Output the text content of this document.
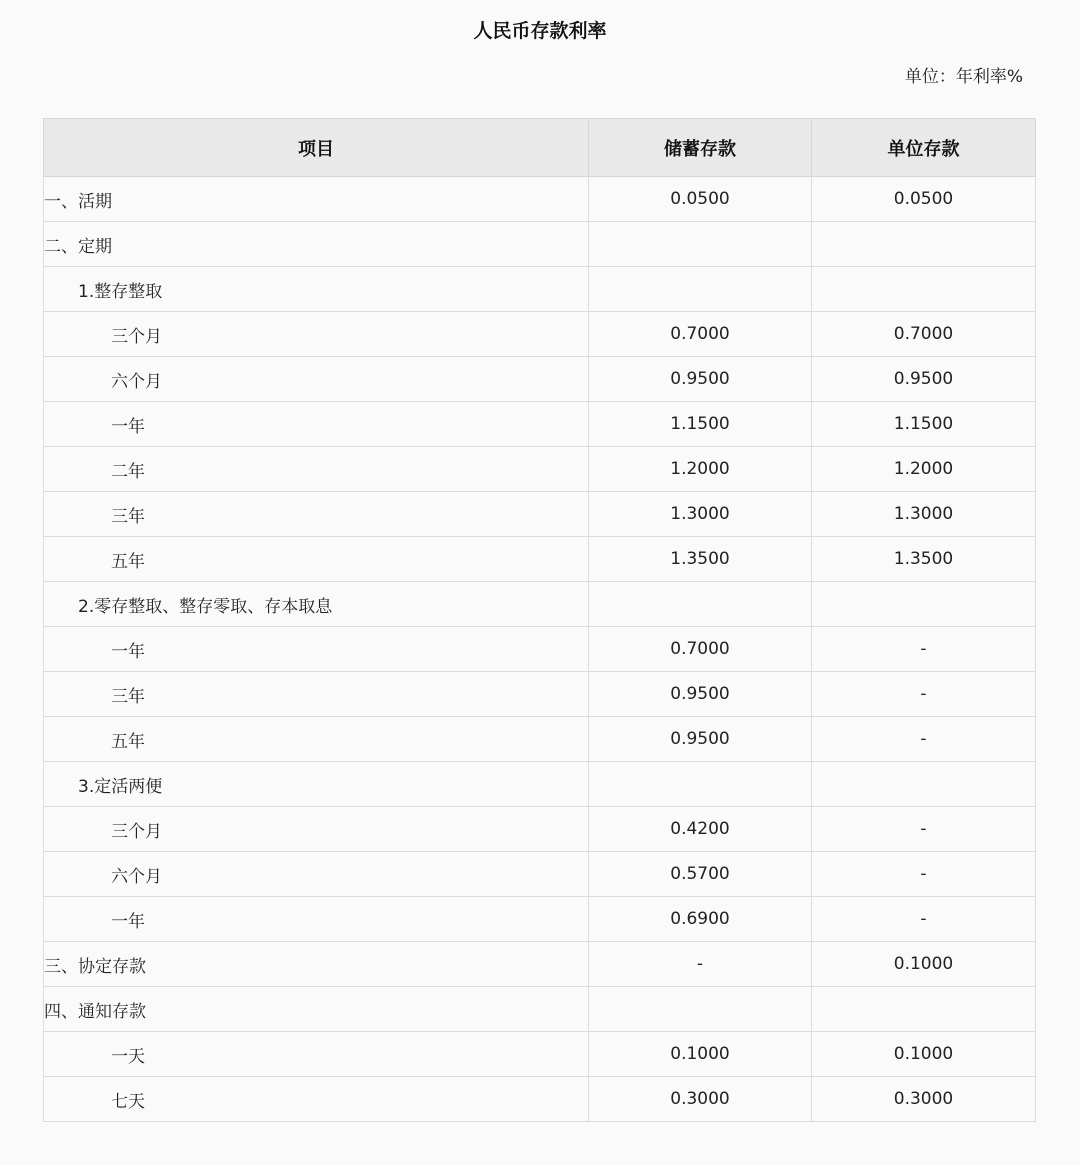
人民币存款利率
单位：年利率%
项目	储蓄存款	单位存款
一、活期	0.0500	0.0500
二、定期		
1.整存整取		
三个月	0.7000	0.7000
六个月	0.9500	0.9500
一年	1.1500	1.1500
二年	1.2000	1.2000
三年	1.3000	1.3000
五年	1.3500	1.3500
2.零存整取、整存零取、存本取息		
一年	0.7000	-
三年	0.9500	-
五年	0.9500	-
3.定活两便		
三个月	0.4200	-
六个月	0.5700	-
一年	0.6900	-
三、协定存款	-	0.1000
四、通知存款		
一天	0.1000	0.1000
七天	0.3000	0.3000
